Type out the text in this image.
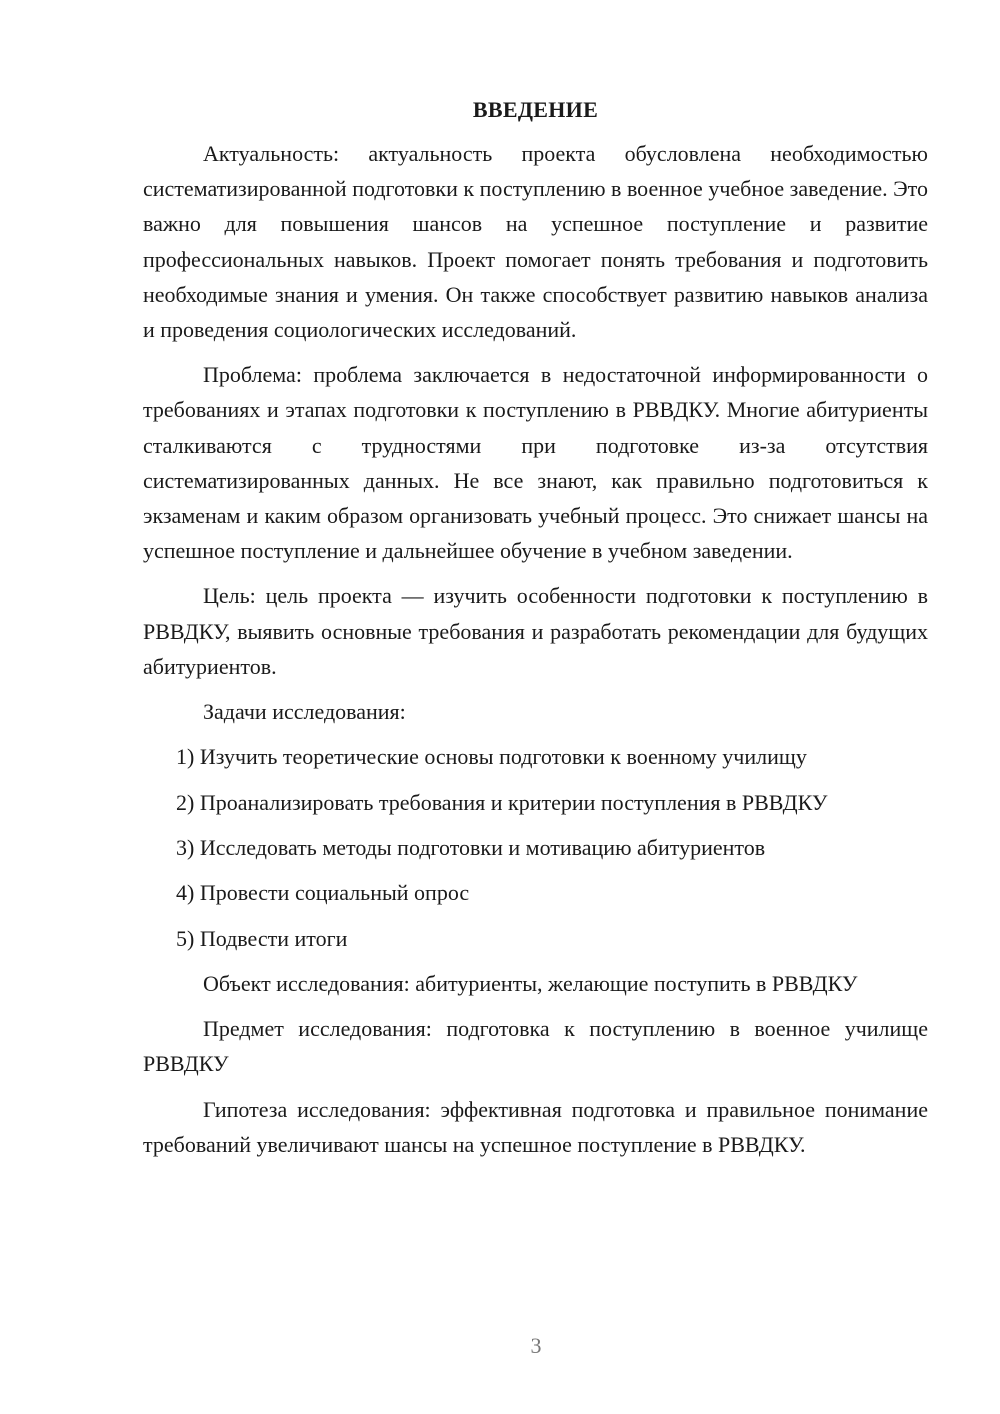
ВВЕДЕНИЕ

Актуальность: актуальность проекта обусловлена необходимостью систематизированной подготовки к поступлению в военное учебное заведение. Это важно для повышения шансов на успешное поступление и развитие профессиональных навыков. Проект помогает понять требования и подготовить необходимые знания и умения. Он также способствует развитию навыков анализа и проведения социологических исследований.

Проблема: проблема заключается в недостаточной информированности о требованиях и этапах подготовки к поступлению в РВВДКУ. Многие абитуриенты сталкиваются с трудностями при подготовке из-за отсутствия систематизированных данных. Не все знают, как правильно подготовиться к экзаменам и каким образом организовать учебный процесс. Это снижает шансы на успешное поступление и дальнейшее обучение в учебном заведении.

Цель: цель проекта — изучить особенности подготовки к поступлению в РВВДКУ, выявить основные требования и разработать рекомендации для будущих абитуриентов.

Задачи исследования:

1) Изучить теоретические основы подготовки к военному училищу
2) Проанализировать требования и критерии поступления в РВВДКУ
3) Исследовать методы подготовки и мотивацию абитуриентов
4) Провести социальный опрос
5) Подвести итоги

Объект исследования: абитуриенты, желающие поступить в РВВДКУ

Предмет исследования: подготовка к поступлению в военное училище РВВДКУ

Гипотеза исследования: эффективная подготовка и правильное понимание требований увеличивают шансы на успешное поступление в РВВДКУ.

3
